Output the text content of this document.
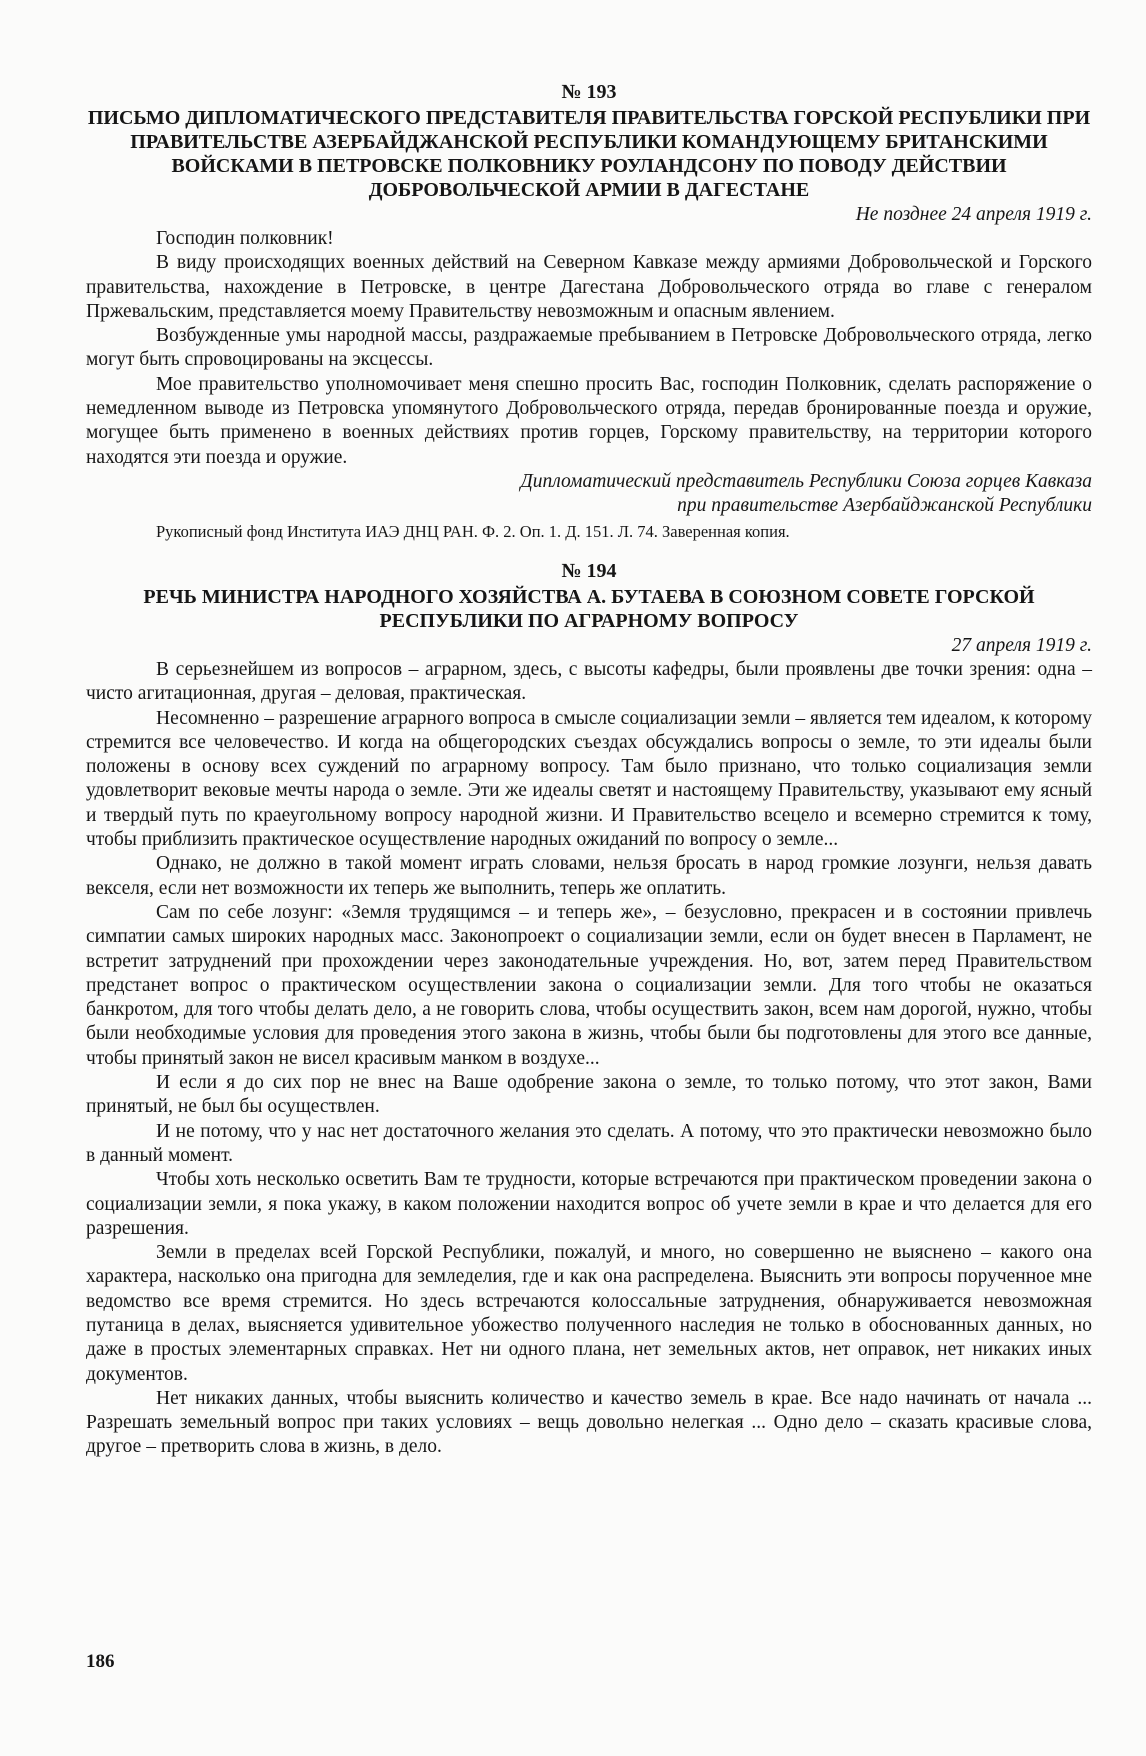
№ 193

ПИСЬМО ДИПЛОМАТИЧЕСКОГО ПРЕДСТАВИТЕЛЯ ПРАВИТЕЛЬСТВА ГОРСКОЙ РЕСПУБЛИКИ ПРИ ПРАВИТЕЛЬСТВЕ АЗЕРБАЙДЖАНСКОЙ РЕСПУБЛИКИ КОМАНДУЮЩЕМУ БРИТАНСКИМИ ВОЙСКАМИ В ПЕТРОВСКЕ ПОЛКОВНИКУ РОУЛАНДСОНУ ПО ПОВОДУ ДЕЙСТВИИ ДОБРОВОЛЬЧЕСКОЙ АРМИИ В ДАГЕСТАНЕ

Не позднее 24 апреля 1919 г.

Господин полковник!

В виду происходящих военных действий на Северном Кавказе между армиями Добровольческой и Горского правительства, нахождение в Петровске, в центре Дагестана Добровольческого отряда во главе с генералом Пржевальским, представляется моему Правительству невозможным и опасным явлением.

Возбужденные умы народной массы, раздражаемые пребыванием в Петровске Добровольческого отряда, легко могут быть спровоцированы на эксцессы.

Мое правительство уполномочивает меня спешно просить Вас, господин Полковник, сделать распоряжение о немедленном выводе из Петровска упомянутого Добровольческого отряда, передав бронированные поезда и оружие, могущее быть применено в военных действиях против горцев, Горскому правительству, на территории которого находятся эти поезда и оружие.

Дипломатический представитель Республики Союза горцев Кавказа

при правительстве Азербайджанской Республики

Рукописный фонд Института ИАЭ ДНЦ РАН. Ф. 2. Оп. 1. Д. 151. Л. 74. Заверенная копия.

№ 194

РЕЧЬ МИНИСТРА НАРОДНОГО ХОЗЯЙСТВА А. БУТАЕВА В СОЮЗНОМ СОВЕТЕ ГОРСКОЙ РЕСПУБЛИКИ ПО АГРАРНОМУ ВОПРОСУ

27 апреля 1919 г.

В серьезнейшем из вопросов – аграрном, здесь, с высоты кафедры, были проявлены две точки зрения: одна – чисто агитационная, другая – деловая, практическая.

Несомненно – разрешение аграрного вопроса в смысле социализации земли – является тем идеалом, к которому стремится все человечество. И когда на общегородских съездах обсуждались вопросы о земле, то эти идеалы были положены в основу всех суждений по аграрному вопросу. Там было признано, что только социализация земли удовлетворит вековые мечты народа о земле. Эти же идеалы светят и настоящему Правительству, указывают ему ясный и твердый путь по краеугольному вопросу народной жизни. И Правительство всецело и всемерно стремится к тому, чтобы приблизить практическое осуществление народных ожиданий по вопросу о земле...

Однако, не должно в такой момент играть словами, нельзя бросать в народ громкие лозунги, нельзя давать векселя, если нет возможности их теперь же выполнить, теперь же оплатить.

Сам по себе лозунг: «Земля трудящимся – и теперь же», – безусловно, прекрасен и в состоянии привлечь симпатии самых широких народных масс. Законопроект о социализации земли, если он будет внесен в Парламент, не встретит затруднений при прохождении через законодательные учреждения. Но, вот, затем перед Правительством предстанет вопрос о практическом осуществлении закона о социализации земли. Для того чтобы не оказаться банкротом, для того чтобы делать дело, а не говорить слова, чтобы осуществить закон, всем нам дорогой, нужно, чтобы были необходимые условия для проведения этого закона в жизнь, чтобы были бы подготовлены для этого все данные, чтобы принятый закон не висел красивым манком в воздухе...

И если я до сих пор не внес на Ваше одобрение закона о земле, то только потому, что этот закон, Вами принятый, не был бы осуществлен.

И не потому, что у нас нет достаточного желания это сделать. А потому, что это практически невозможно было в данный момент.

Чтобы хоть несколько осветить Вам те трудности, которые встречаются при практическом проведении закона о социализации земли, я пока укажу, в каком положении находится вопрос об учете земли в крае и что делается для его разрешения.

Земли в пределах всей Горской Республики, пожалуй, и много, но совершенно не выяснено – какого она характера, насколько она пригодна для земледелия, где и как она распределена. Выяснить эти вопросы порученное мне ведомство все время стремится. Но здесь встречаются колоссальные затруднения, обнаруживается невозможная путаница в делах, выясняется удивительное убожество полученного наследия не только в обоснованных данных, но даже в простых элементарных справках. Нет ни одного плана, нет земельных актов, нет оправок, нет никаких иных документов.

Нет никаких данных, чтобы выяснить количество и качество земель в крае. Все надо начинать от начала ... Разрешать земельный вопрос при таких условиях – вещь довольно нелегкая ... Одно дело – сказать красивые слова, другое – претворить слова в жизнь, в дело.

186
